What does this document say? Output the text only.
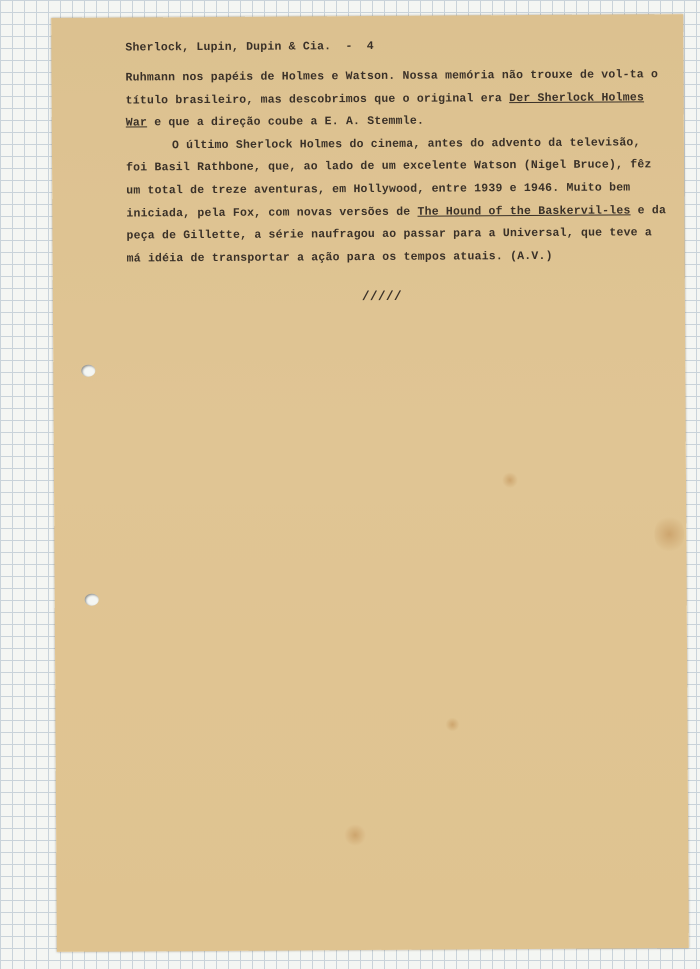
Sherlock, Lupin, Dupin & Cia.  -  4

Ruhmann nos papéis de Holmes e Watson. Nossa memória não trouxe de vol-ta o título brasileiro, mas descobrimos que o original era Der Sherlock Holmes War e que a direção coube a E. A. Stemmle.

O último Sherlock Holmes do cinema, antes do advento da televisão, foi Basil Rathbone, que, ao lado de um excelente Watson (Nigel Bruce), fêz um total de treze aventuras, em Hollywood, entre 1939 e 1946. Muito bem iniciada, pela Fox, com novas versões de The Hound of the Baskervil-les e da peça de Gillette, a série naufragou ao passar para a Universal, que teve a má idéia de transportar a ação para os tempos atuais. (A.V.)

/////
